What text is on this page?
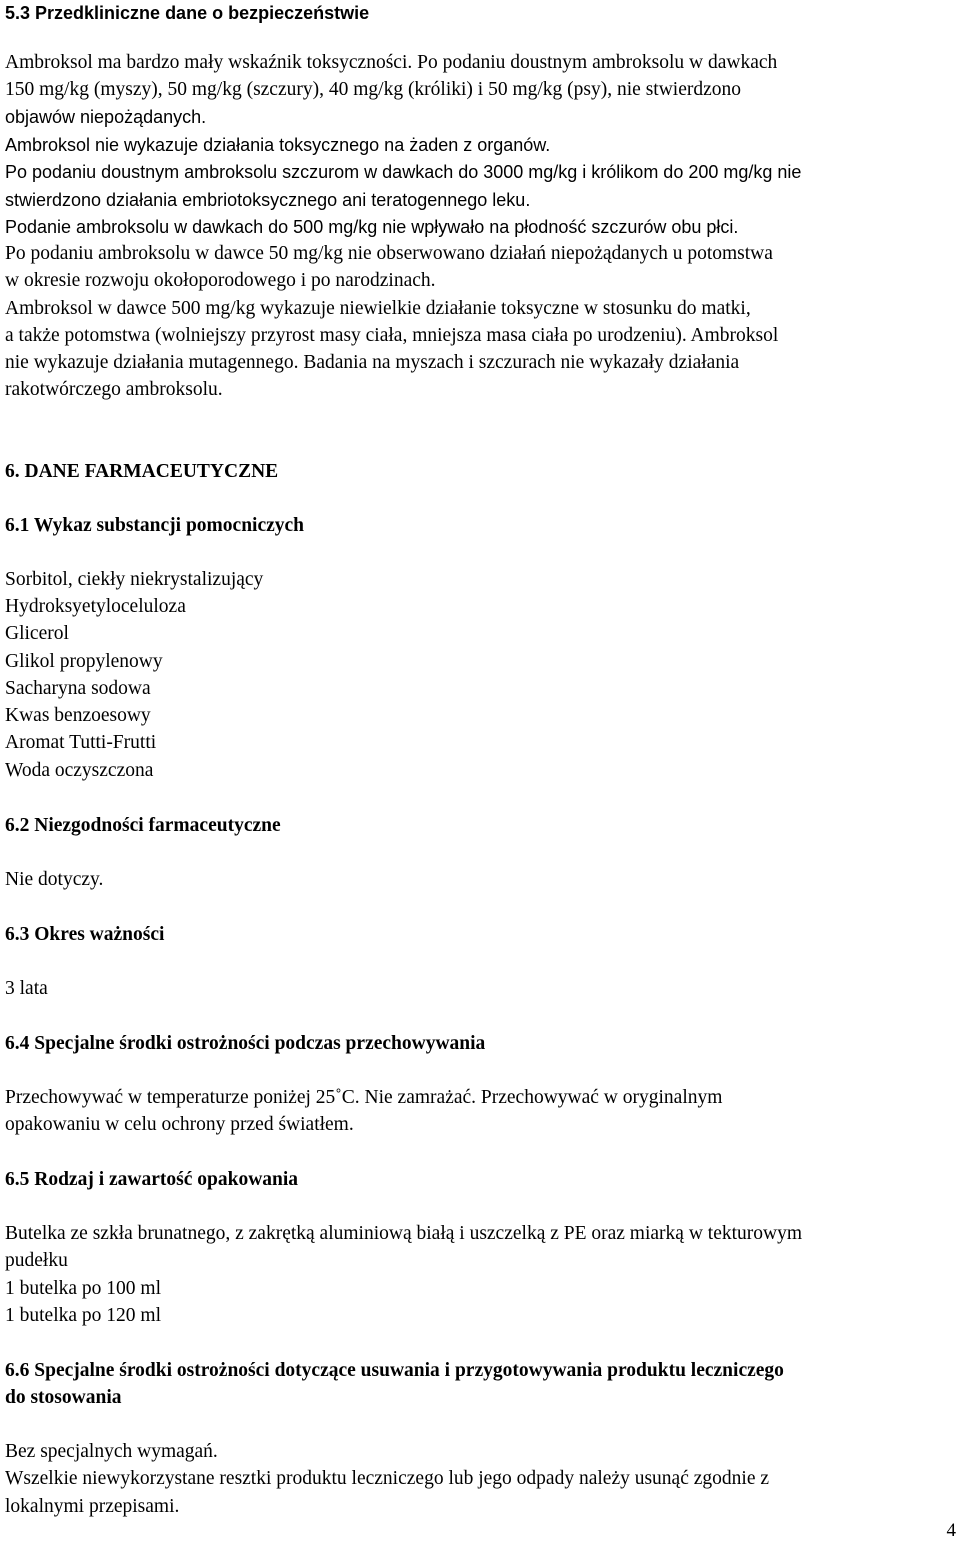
5.3 Przedkliniczne dane o bezpieczeństwie
Ambroksol ma bardzo mały wskaźnik toksyczności. Po podaniu doustnym ambroksolu w dawkach
150 mg/kg (myszy), 50 mg/kg (szczury), 40 mg/kg (króliki) i 50 mg/kg (psy), nie stwierdzono
objawów niepożądanych.
Ambroksol nie wykazuje działania toksycznego na żaden z organów.
Po podaniu doustnym ambroksolu szczurom w dawkach do 3000 mg/kg i królikom do 200 mg/kg nie
stwierdzono działania embriotoksycznego ani teratogennego leku.
Podanie ambroksolu w dawkach do 500 mg/kg nie wpływało na płodność szczurów obu płci.
Po podaniu ambroksolu w dawce 50 mg/kg nie obserwowano działań niepożądanych u potomstwa
w okresie rozwoju okołoporodowego i po narodzinach.
Ambroksol w dawce 500 mg/kg wykazuje niewielkie działanie toksyczne w stosunku do matki,
a także potomstwa (wolniejszy przyrost masy ciała, mniejsza masa ciała po urodzeniu). Ambroksol
nie wykazuje działania mutagennego. Badania na myszach i szczurach nie wykazały działania
rakotwórczego ambroksolu.
6. DANE FARMACEUTYCZNE
6.1 Wykaz substancji pomocniczych
Sorbitol, ciekły niekrystalizujący
Hydroksyetyloceluloza
Glicerol
Glikol propylenowy
Sacharyna sodowa
Kwas benzoesowy
Aromat Tutti-Frutti
Woda oczyszczona
6.2 Niezgodności farmaceutyczne
Nie dotyczy.
6.3 Okres ważności
3 lata
6.4 Specjalne środki ostrożności podczas przechowywania
Przechowywać w temperaturze poniżej 25˚C. Nie zamrażać. Przechowywać w oryginalnym
opakowaniu w celu ochrony przed światłem.
6.5 Rodzaj i zawartość opakowania
Butelka ze szkła brunatnego, z zakrętką aluminiową białą i uszczelką z PE oraz miarką w tekturowym
pudełku
1 butelka po 100 ml
1 butelka po 120 ml
6.6 Specjalne środki ostrożności dotyczące usuwania i przygotowywania produktu leczniczego
do stosowania
Bez specjalnych wymagań.
Wszelkie niewykorzystane resztki produktu leczniczego lub jego odpady należy usunąć zgodnie z
lokalnymi przepisami.
4
